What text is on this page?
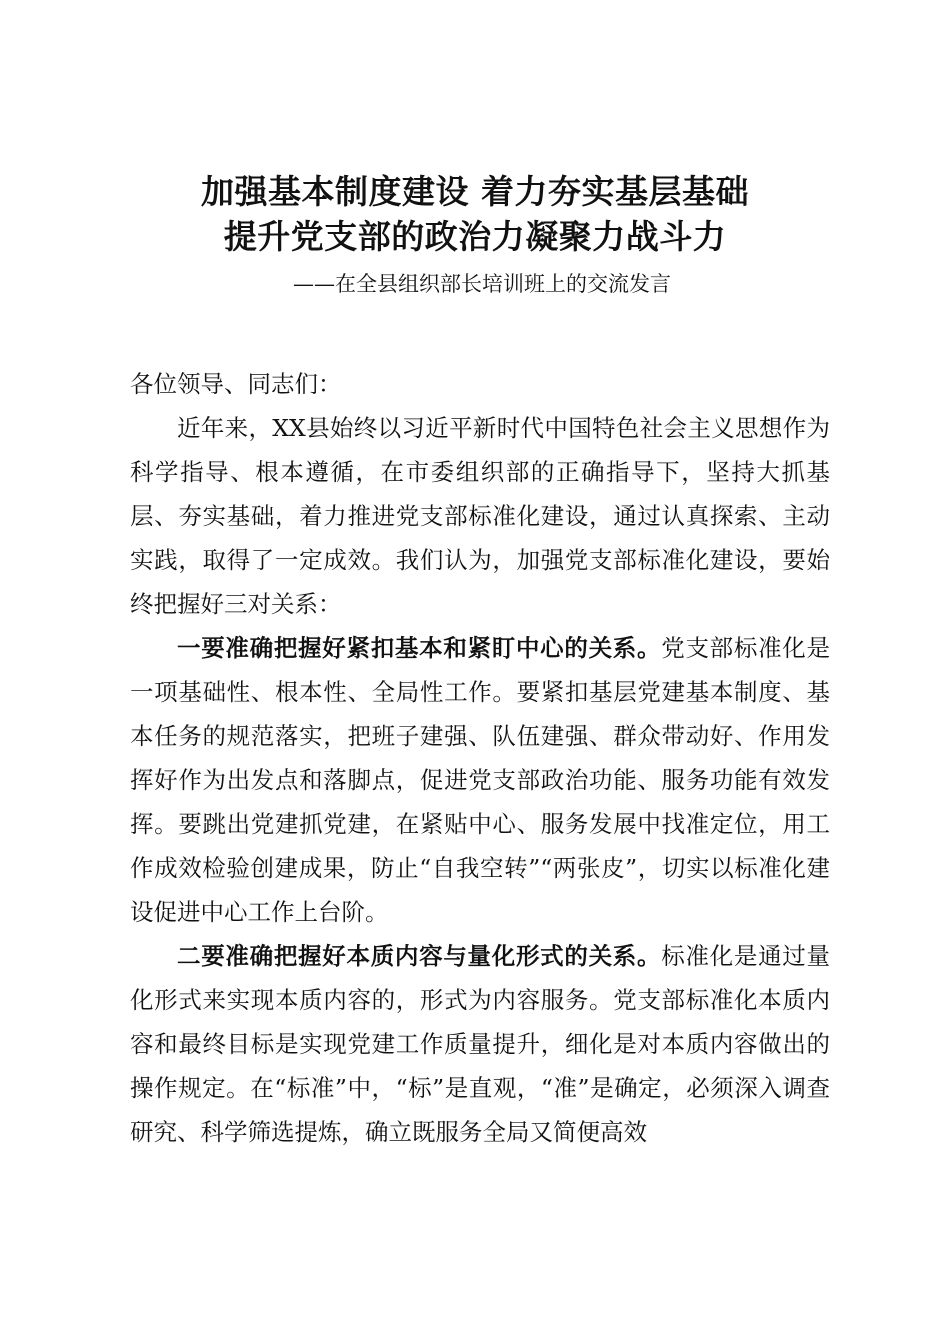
加强基本制度建设 着力夯实基层基础
提升党支部的政治力凝聚力战斗力
——在全县组织部长培训班上的交流发言

各位领导、同志们：

近年来，XX县始终以习近平新时代中国特色社会主义思想作为科学指导、根本遵循，在市委组织部的正确指导下，坚持大抓基层、夯实基础，着力推进党支部标准化建设，通过认真探索、主动实践，取得了一定成效。我们认为，加强党支部标准化建设，要始终把握好三对关系：

一要准确把握好紧扣基本和紧盯中心的关系。党支部标准化是一项基础性、根本性、全局性工作。要紧扣基层党建基本制度、基本任务的规范落实，把班子建强、队伍建强、群众带动好、作用发挥好作为出发点和落脚点，促进党支部政治功能、服务功能有效发挥。要跳出党建抓党建，在紧贴中心、服务发展中找准定位，用工作成效检验创建成果，防止“自我空转”“两张皮”，切实以标准化建设促进中心工作上台阶。

二要准确把握好本质内容与量化形式的关系。标准化是通过量化形式来实现本质内容的，形式为内容服务。党支部标准化本质内容和最终目标是实现党建工作质量提升，细化是对本质内容做出的操作规定。在“标准”中，“标”是直观，“准”是确定，必须深入调查研究、科学筛选提炼，确立既服务全局又简便高效
